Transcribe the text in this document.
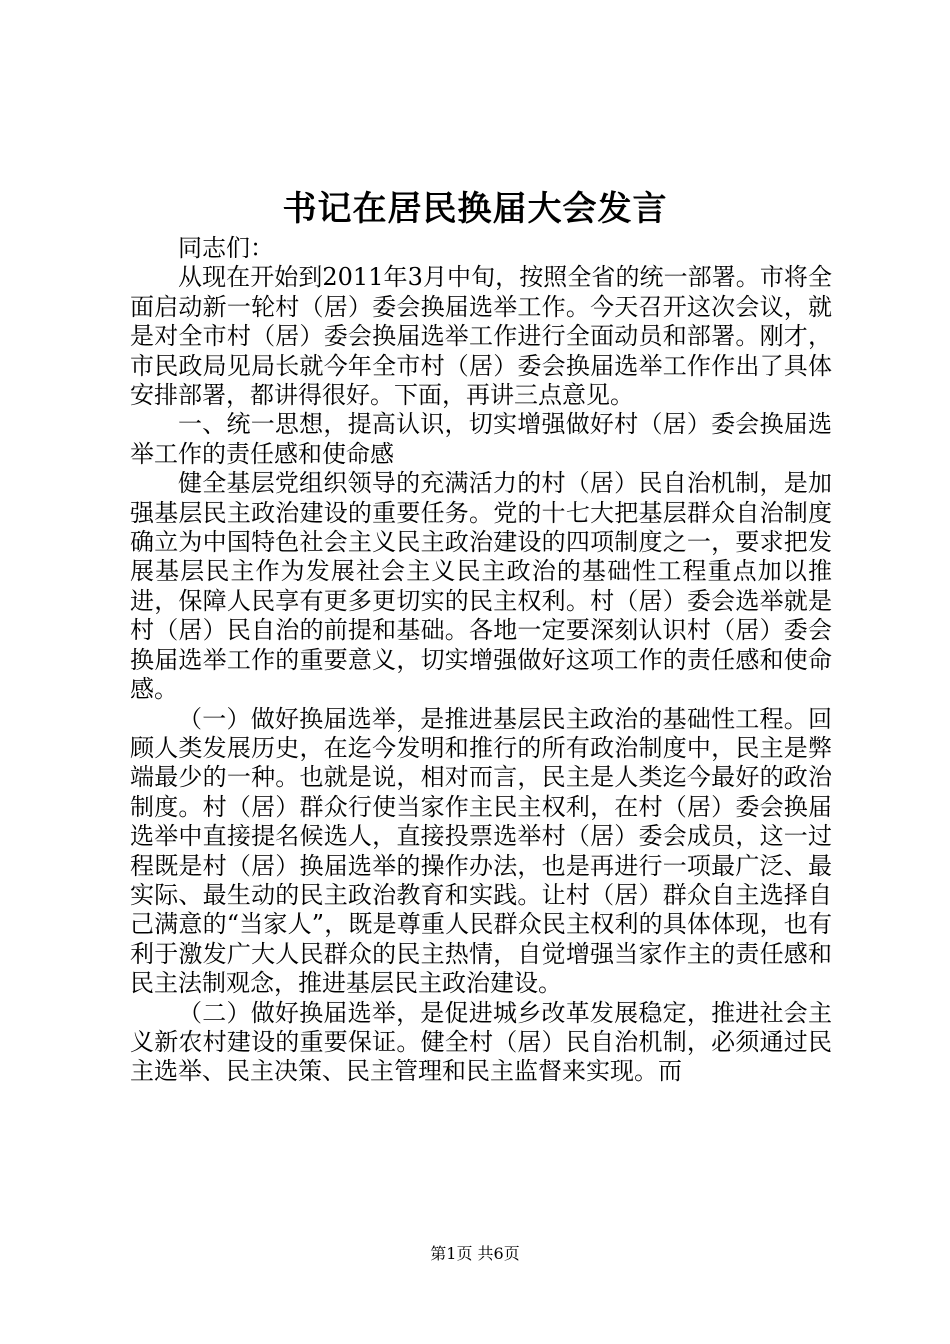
书记在居民换届大会发言

同志们：

从现在开始到2011年3月中旬，按照全省的统一部署。市将全面启动新一轮村（居）委会换届选举工作。今天召开这次会议，就是对全市村（居）委会换届选举工作进行全面动员和部署。刚才，市民政局见局长就今年全市村（居）委会换届选举工作作出了具体安排部署，都讲得很好。下面，再讲三点意见。

一、统一思想，提高认识，切实增强做好村（居）委会换届选举工作的责任感和使命感

健全基层党组织领导的充满活力的村（居）民自治机制，是加强基层民主政治建设的重要任务。党的十七大把基层群众自治制度确立为中国特色社会主义民主政治建设的四项制度之一，要求把发展基层民主作为发展社会主义民主政治的基础性工程重点加以推进，保障人民享有更多更切实的民主权利。村（居）委会选举就是村（居）民自治的前提和基础。各地一定要深刻认识村（居）委会换届选举工作的重要意义，切实增强做好这项工作的责任感和使命感。

（一）做好换届选举，是推进基层民主政治的基础性工程。回顾人类发展历史，在迄今发明和推行的所有政治制度中，民主是弊端最少的一种。也就是说，相对而言，民主是人类迄今最好的政治制度。村（居）群众行使当家作主民主权利，在村（居）委会换届选举中直接提名候选人，直接投票选举村（居）委会成员，这一过程既是村（居）换届选举的操作办法，也是再进行一项最广泛、最实际、最生动的民主政治教育和实践。让村（居）群众自主选择自己满意的“当家人”，既是尊重人民群众民主权利的具体体现，也有利于激发广大人民群众的民主热情，自觉增强当家作主的责任感和民主法制观念，推进基层民主政治建设。

（二）做好换届选举，是促进城乡改革发展稳定，推进社会主义新农村建设的重要保证。健全村（居）民自治机制，必须通过民主选举、民主决策、民主管理和民主监督来实现。而

第1页 共6页
